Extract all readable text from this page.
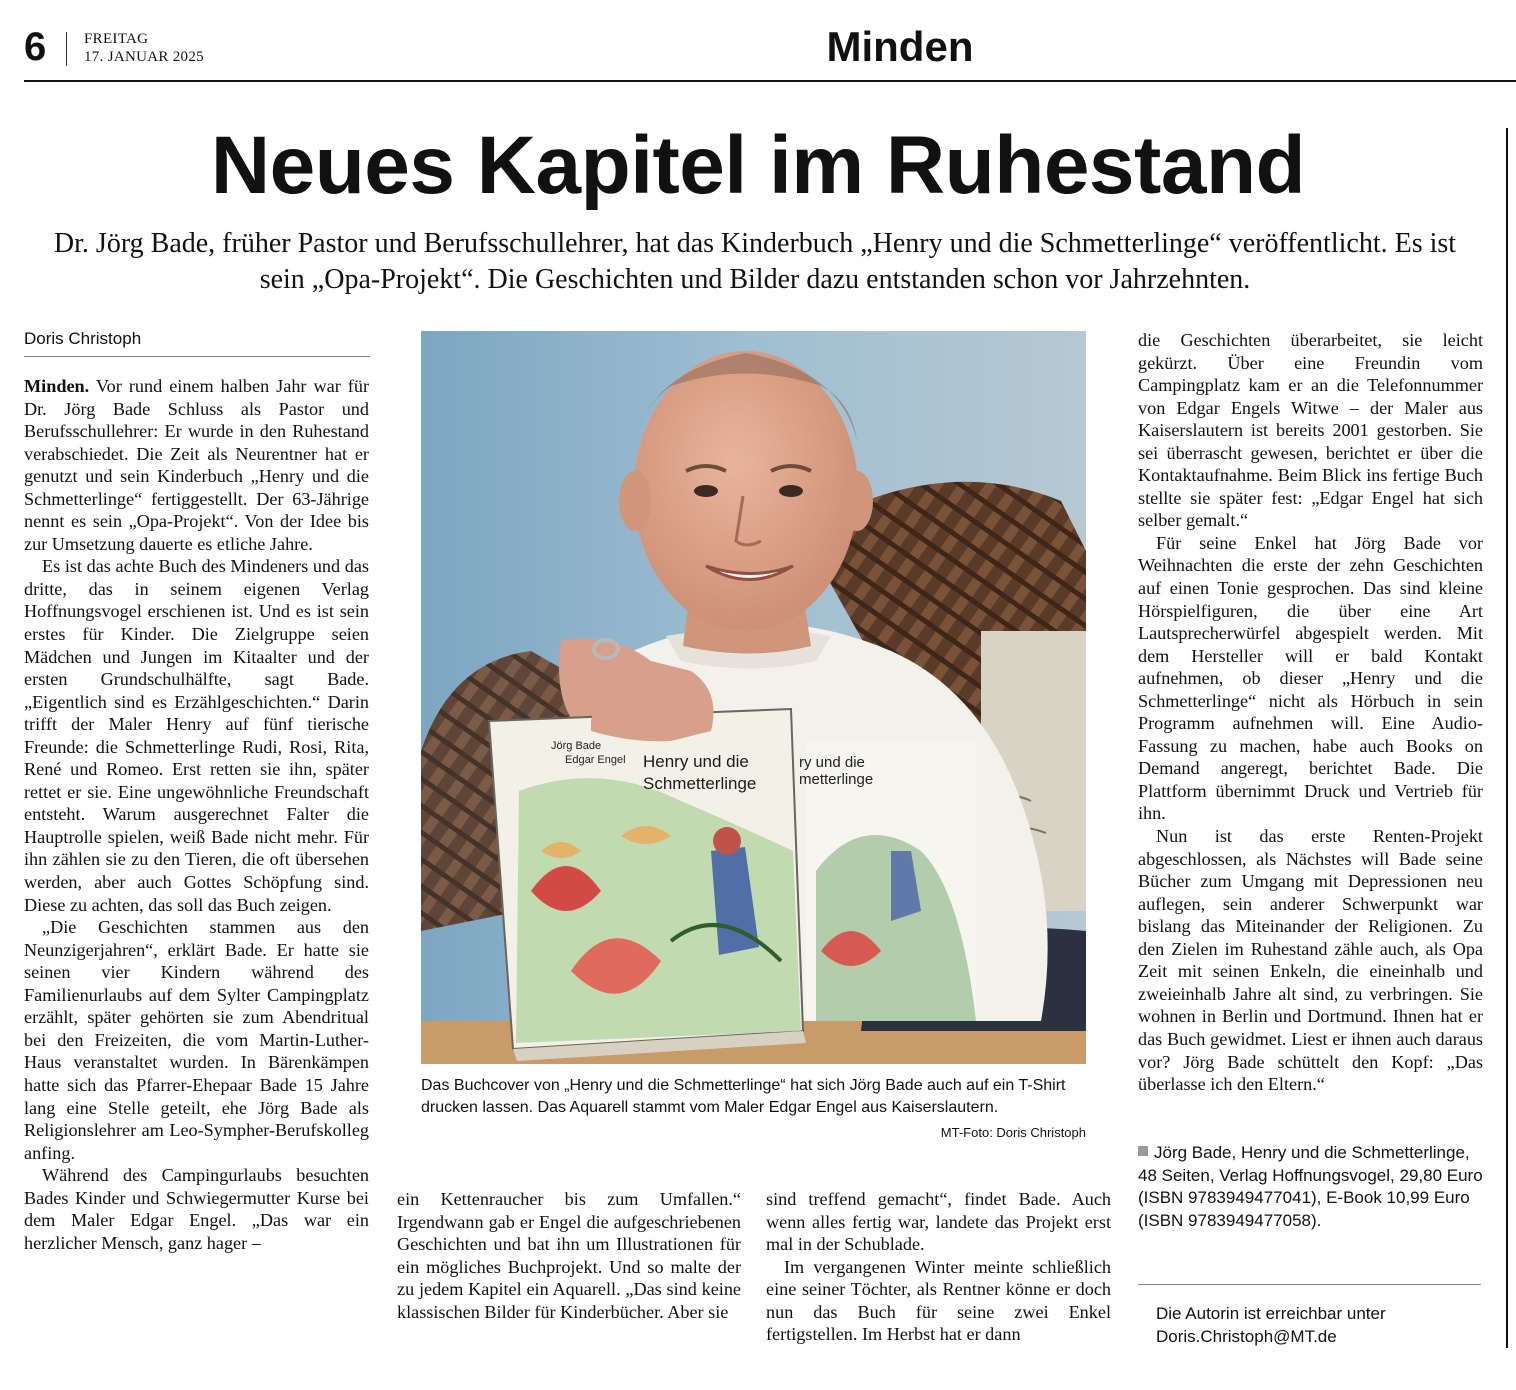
6	FREITAG
17. JANUAR 2025	Minden
Neues Kapitel im Ruhestand
Dr. Jörg Bade, früher Pastor und Berufsschullehrer, hat das Kinderbuch „Henry und die Schmetterlinge“ veröffentlicht. Es ist sein „Opa-Projekt“. Die Geschichten und Bilder dazu entstanden schon vor Jahrzehnten.
Doris Christoph

Minden. Vor rund einem halben Jahr war für Dr. Jörg Bade Schluss als Pastor und Berufsschullehrer: Er wurde in den Ruhestand verabschiedet. Die Zeit als Neurentner hat er genutzt und sein Kinderbuch „Henry und die Schmetterlinge“ fertiggestellt. Der 63-Jährige nennt es sein „Opa-Projekt“. Von der Idee bis zur Umsetzung dauerte es etliche Jahre.

Es ist das achte Buch des Mindeners und das dritte, das in seinem eigenen Verlag Hoffnungsvogel erschienen ist. Und es ist sein erstes für Kinder. Die Zielgruppe seien Mädchen und Jungen im Kitaalter und der ersten Grundschulhälfte, sagt Bade. „Eigentlich sind es Erzählgeschichten.“ Darin trifft der Maler Henry auf fünf tierische Freunde: die Schmetterlinge Rudi, Rosi, Rita, René und Romeo. Erst retten sie ihn, später rettet er sie. Eine ungewöhnliche Freundschaft entsteht. Warum ausgerechnet Falter die Hauptrolle spielen, weiß Bade nicht mehr. Für ihn zählen sie zu den Tieren, die oft übersehen werden, aber auch Gottes Schöpfung sind. Diese zu achten, das soll das Buch zeigen.

„Die Geschichten stammen aus den Neunzigerjahren“, erklärt Bade. Er hatte sie seinen vier Kindern während des Familienurlaubs auf dem Sylter Campingplatz erzählt, später gehörten sie zum Abendritual bei den Freizeiten, die vom Martin-Luther-Haus veranstaltet wurden. In Bärenkämpen hatte sich das Pfarrer-Ehepaar Bade 15 Jahre lang eine Stelle geteilt, ehe Jörg Bade als Religionslehrer am Leo-Sympher-Berufskolleg anfing.

Während des Campingurlaubs besuchten Bades Kinder und Schwiegermutter Kurse bei dem Maler Edgar Engel. „Das war ein herzlicher Mensch, ganz hager –

ry und die
metterlinge
Jörg Bade
Edgar Engel Henry und die
Schmetterlinge
Das Buchcover von „Henry und die Schmetterlinge“ hat sich Jörg Bade auch auf ein T-Shirt drucken lassen. Das Aquarell stammt vom Maler Edgar Engel aus Kaiserslautern.
MT-Foto: Doris Christoph

ein Kettenraucher bis zum Umfallen.“ Irgendwann gab er Engel die aufgeschriebenen Geschichten und bat ihn um Illustrationen für ein mögliches Buchprojekt. Und so malte der zu jedem Kapitel ein Aquarell. „Das sind keine klassischen Bilder für Kinderbücher. Aber sie

sind treffend gemacht“, findet Bade. Auch wenn alles fertig war, landete das Projekt erst mal in der Schublade.

Im vergangenen Winter meinte schließlich eine seiner Töchter, als Rentner könne er doch nun das Buch für seine zwei Enkel fertigstellen. Im Herbst hat er dann

die Geschichten überarbeitet, sie leicht gekürzt. Über eine Freundin vom Campingplatz kam er an die Telefonnummer von Edgar Engels Witwe – der Maler aus Kaiserslautern ist bereits 2001 gestorben. Sie sei überrascht gewesen, berichtet er über die Kontaktaufnahme. Beim Blick ins fertige Buch stellte sie später fest: „Edgar Engel hat sich selber gemalt.“

Für seine Enkel hat Jörg Bade vor Weihnachten die erste der zehn Geschichten auf einen Tonie gesprochen. Das sind kleine Hörspielfiguren, die über eine Art Lautsprecherwürfel abgespielt werden. Mit dem Hersteller will er bald Kontakt aufnehmen, ob dieser „Henry und die Schmetterlinge“ nicht als Hörbuch in sein Programm aufnehmen will. Eine Audio-Fassung zu machen, habe auch Books on Demand angeregt, berichtet Bade. Die Plattform übernimmt Druck und Vertrieb für ihn.

Nun ist das erste Renten-Projekt abgeschlossen, als Nächstes will Bade seine Bücher zum Umgang mit Depressionen neu auflegen, sein anderer Schwerpunkt war bislang das Miteinander der Religionen. Zu den Zielen im Ruhestand zähle auch, als Opa Zeit mit seinen Enkeln, die eineinhalb und zweieinhalb Jahre alt sind, zu verbringen. Sie wohnen in Berlin und Dortmund. Ihnen hat er das Buch gewidmet. Liest er ihnen auch daraus vor? Jörg Bade schüttelt den Kopf: „Das überlasse ich den Eltern.“

Jörg Bade, Henry und die Schmetterlinge, 48 Seiten, Verlag Hoffnungsvogel, 29,80 Euro (ISBN 9783949477041), E-Book 10,99 Euro (ISBN 9783949477058).
Die Autorin ist erreichbar unter Doris.Christoph@MT.de
